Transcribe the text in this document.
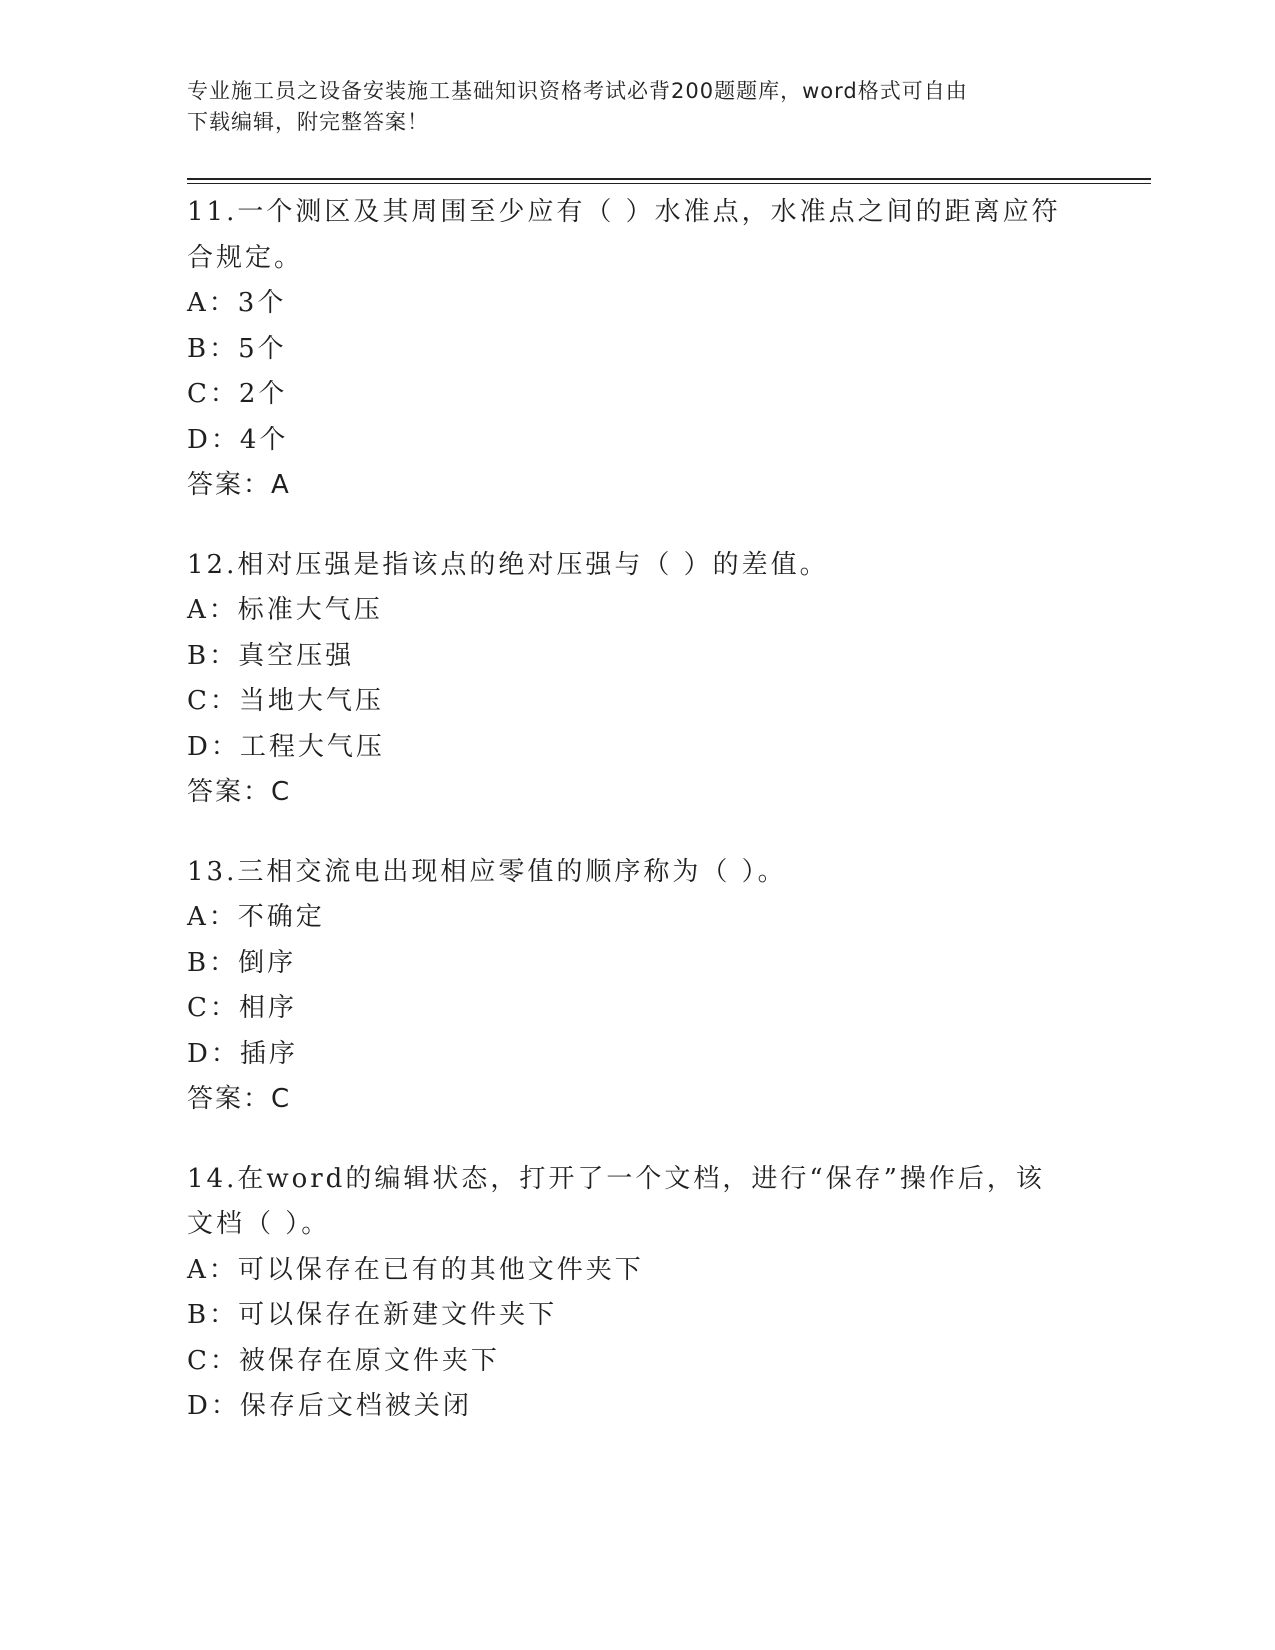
专业施工员之设备安装施工基础知识资格考试必背200题题库，word格式可自由
下载编辑，附完整答案！
11.一个测区及其周围至少应有（ ）水准点，水准点之间的距离应符
合规定。
A：3个
B：5个
C：2个
D：4个
答案：A
12.相对压强是指该点的绝对压强与（ ）的差值。
A：标准大气压
B：真空压强
C：当地大气压
D：工程大气压
答案：C
13.三相交流电出现相应零值的顺序称为（ ）。
A：不确定
B：倒序
C：相序
D：插序
答案：C
14.在word的编辑状态，打开了一个文档，进行“保存”操作后，该
文档（ ）。
A：可以保存在已有的其他文件夹下
B：可以保存在新建文件夹下
C：被保存在原文件夹下
D：保存后文档被关闭
